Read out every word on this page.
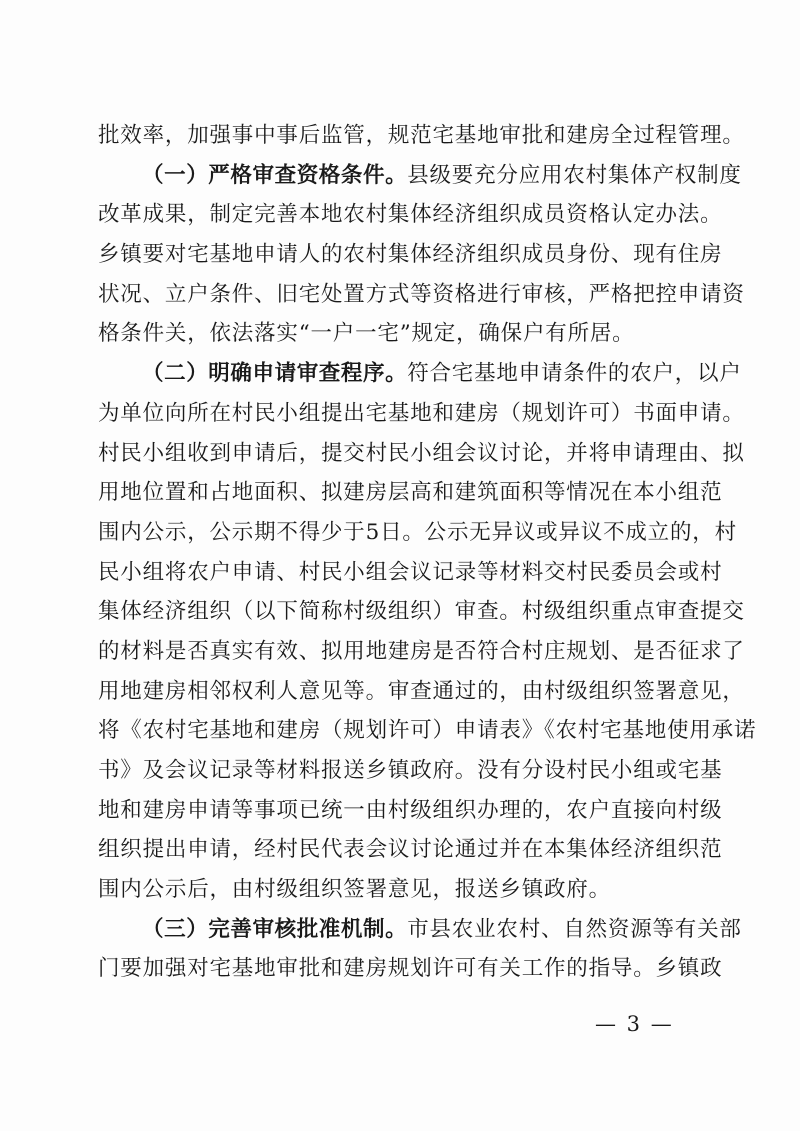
批效率，加强事中事后监管，规范宅基地审批和建房全过程管理。
（一）严格审查资格条件。县级要充分应用农村集体产权制度
改革成果，制定完善本地农村集体经济组织成员资格认定办法。
乡镇要对宅基地申请人的农村集体经济组织成员身份、现有住房
状况、立户条件、旧宅处置方式等资格进行审核，严格把控申请资
格条件关，依法落实“一户一宅”规定，确保户有所居。
（二）明确申请审查程序。符合宅基地申请条件的农户，以户
为单位向所在村民小组提出宅基地和建房（规划许可）书面申请。
村民小组收到申请后，提交村民小组会议讨论，并将申请理由、拟
用地位置和占地面积、拟建房层高和建筑面积等情况在本小组范
围内公示，公示期不得少于5日。公示无异议或异议不成立的，村
民小组将农户申请、村民小组会议记录等材料交村民委员会或村
集体经济组织（以下简称村级组织）审查。村级组织重点审查提交
的材料是否真实有效、拟用地建房是否符合村庄规划、是否征求了
用地建房相邻权利人意见等。审查通过的，由村级组织签署意见，
将《农村宅基地和建房（规划许可）申请表》《农村宅基地使用承诺
书》及会议记录等材料报送乡镇政府。没有分设村民小组或宅基
地和建房申请等事项已统一由村级组织办理的，农户直接向村级
组织提出申请，经村民代表会议讨论通过并在本集体经济组织范
围内公示后，由村级组织签署意见，报送乡镇政府。
（三）完善审核批准机制。市县农业农村、自然资源等有关部
门要加强对宅基地审批和建房规划许可有关工作的指导。乡镇政
— 3 —
